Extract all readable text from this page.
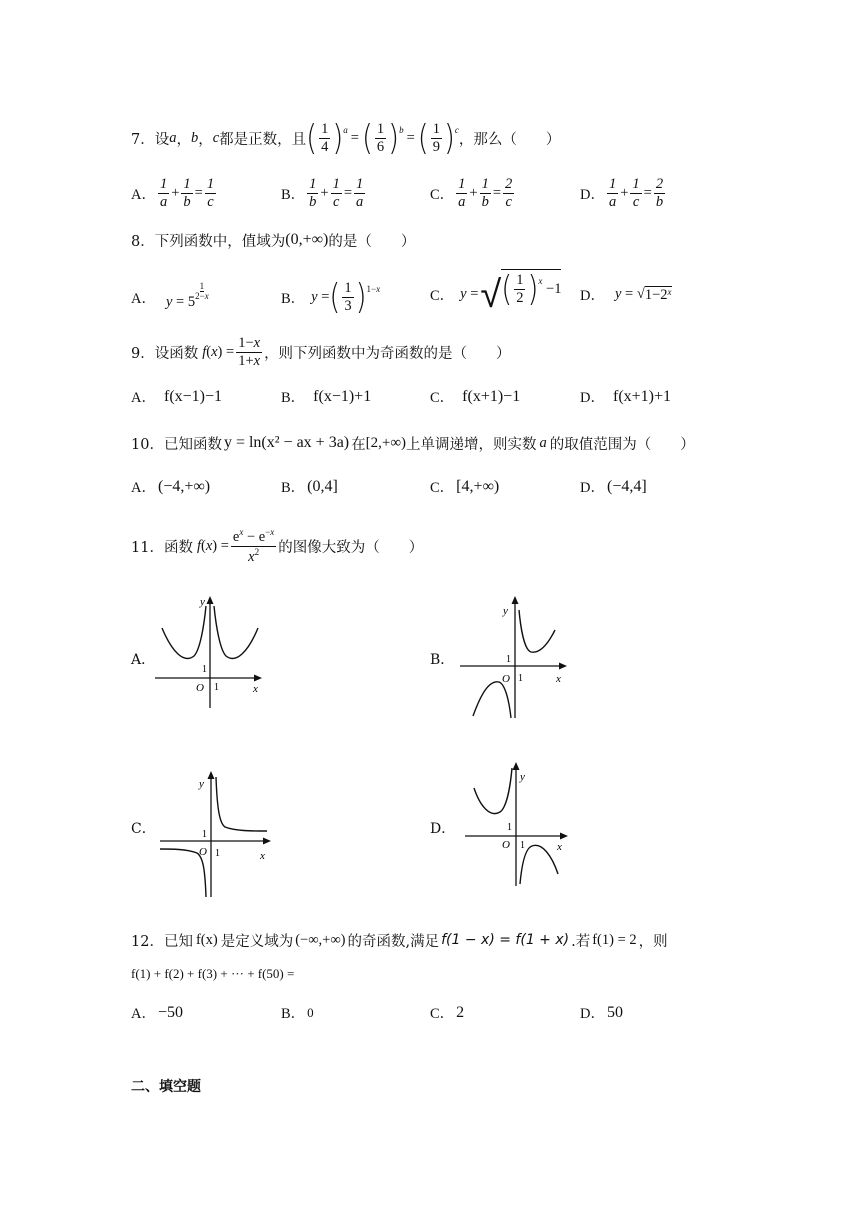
7． 设 a ， b ， c 都是正数，且 ( 1
4 ) a = ( 1
6 ) b = ( 1
9 ) c
，那么（　　）
A．
1
a
+
1
b
=
1
c	B．
1
b
+
1
c
=
1
a	C．
1
a
+
1
b
=
2
c	D．
1
a
+
1
c
=
2
b
8． 下列函数中，值域为 (0,+∞) 的是（　　）
A． y = 5
1
2−x	B． y = ( 1
3 ) 1−x	C． y = √ ( 1
2 ) x −1 D． y = √ $1-2^x$
9． 设函数 $f(x) = \frac{1-x}{1+x}$ ，则下列函数中为奇函数的是（　　）
A． f(x−1)−1	B． f(x−1)+1	C． f(x+1)−1	D． f(x+1)+1
10． 已知函数 y = ln(x² − ax + 3a) 在 [2,+∞) 上单调递增，则实数 a 的取值范围为（　　）
A． (−4,+∞)	B． (0,4]	C． [4,+∞)	D． (−4,4]
11． 函数 $f(x) = \frac{e^x - e^{-x}}{x^2}$ 的图像大致为（　　）
A．
y
x
O
1
1
B．
y
x
O
1
1
C．
y
x
O
1
1
D．
y
x
O
1
1
12． 已知 f(x) 是定义域为 (−∞,+∞) 的奇函数,满足 f(1 − x) = f(1 + x) .若 f(1) = 2 ，则
f(1) + f(2) + f(3) + ··· + f(50) =
A． −50	B． 0	C． 2	D． 50
二、填空题
